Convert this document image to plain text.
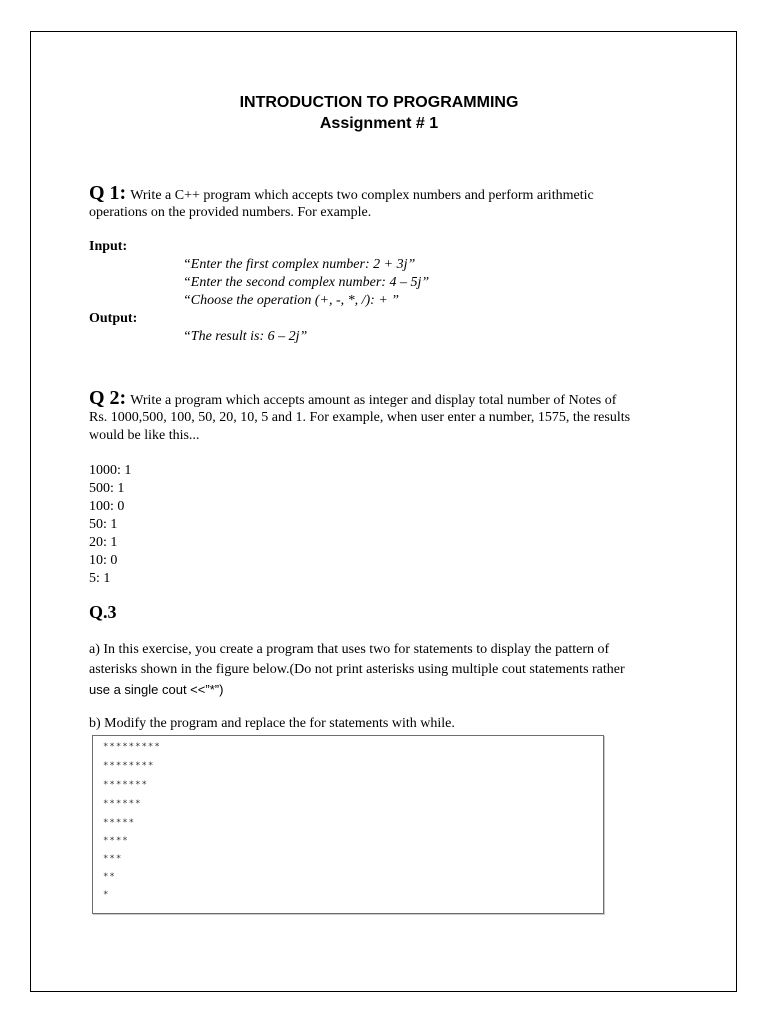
INTRODUCTION TO PROGRAMMING
Assignment # 1
Q 1: Write a C++ program which accepts two complex numbers and perform arithmetic
operations on the provided numbers. For example.
Input:
“Enter the first complex number: 2 + 3j”
“Enter the second complex number: 4 – 5j”
“Choose the operation (+, -, *, /): + ”
Output:
“The result is: 6 – 2j”
Q 2: Write a program which accepts amount as integer and display total number of Notes of
Rs. 1000,500, 100, 50, 20, 10, 5 and 1. For example, when user enter a number, 1575, the results
would be like this...
1000: 1
500: 1
100: 0
50: 1
20: 1
10: 0
5: 1
Q.3
a) In this exercise, you create a program that uses two for statements to display the pattern of
asterisks shown in the figure below.(Do not print asterisks using multiple cout statements rather
use a single cout <<”*”)
b) Modify the program and replace the for statements with while.
*********
********
*******
******
*****
****
***
**
*
